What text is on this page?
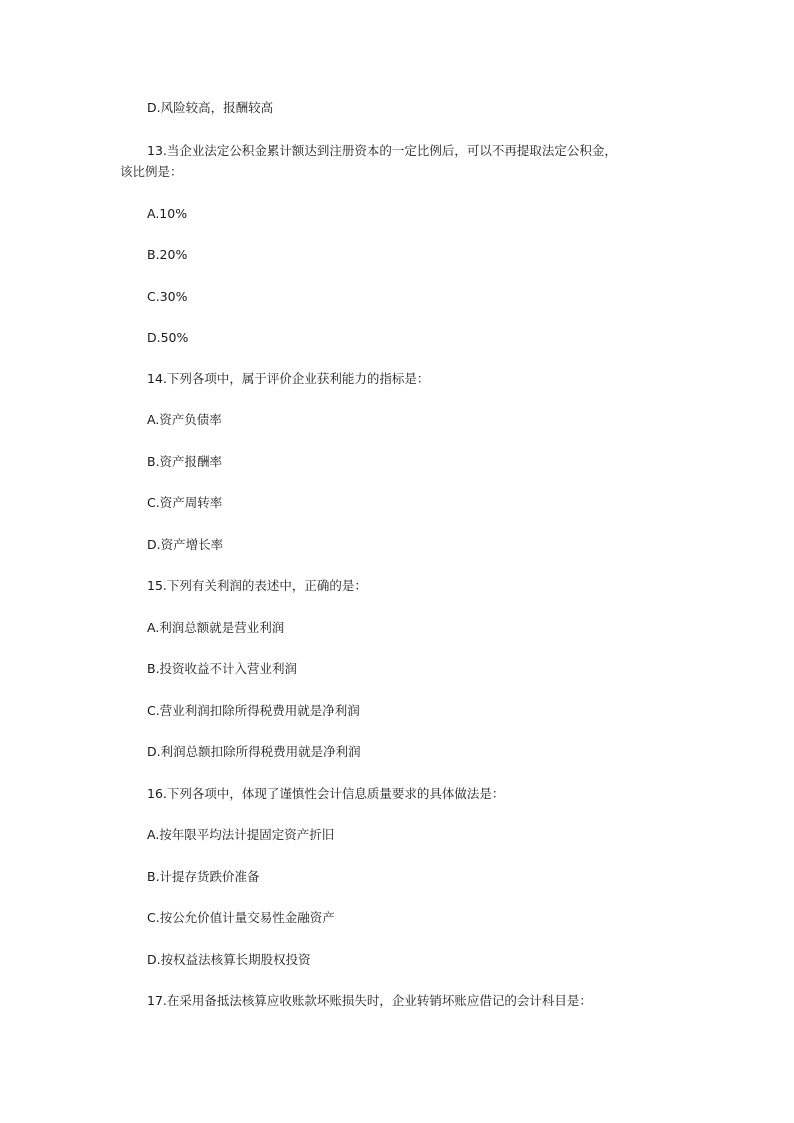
D.风险较高，报酬较高
13.当企业法定公积金累计额达到注册资本的一定比例后，可以不再提取法定公积金，
该比例是：
A.10%
B.20%
C.30%
D.50%
14.下列各项中，属于评价企业获利能力的指标是：
A.资产负债率
B.资产报酬率
C.资产周转率
D.资产增长率
15.下列有关利润的表述中，正确的是：
A.利润总额就是营业利润
B.投资收益不计入营业利润
C.营业利润扣除所得税费用就是净利润
D.利润总额扣除所得税费用就是净利润
16.下列各项中，体现了谨慎性会计信息质量要求的具体做法是：
A.按年限平均法计提固定资产折旧
B.计提存货跌价准备
C.按公允价值计量交易性金融资产
D.按权益法核算长期股权投资
17.在采用备抵法核算应收账款坏账损失时，企业转销坏账应借记的会计科目是：
